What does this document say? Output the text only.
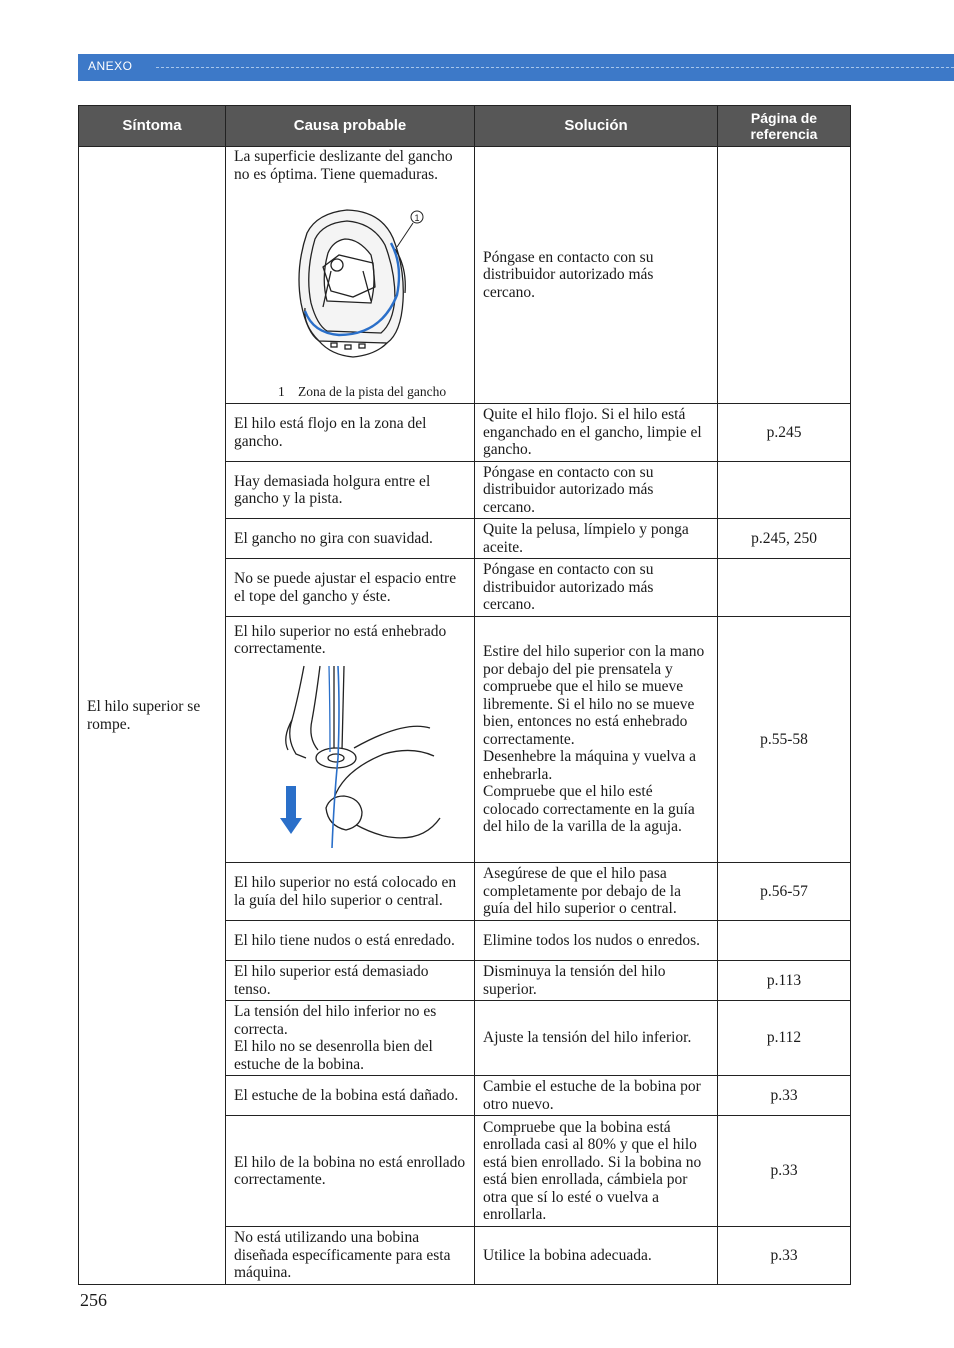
ANEXO
Síntoma	Causa probable	Solución	Página de referencia
El hilo superior se rompe.	La superficie deslizante del gancho no es óptima. Tiene quemaduras.
1
1 Zona de la pista del gancho	Póngase en contacto con su distribuidor autorizado más cercano.	
	El hilo está flojo en la zona del gancho.	Quite el hilo flojo. Si el hilo está enganchado en el gancho, limpie el gancho.	p.245
	Hay demasiada holgura entre el gancho y la pista.	Póngase en contacto con su distribuidor autorizado más cercano.	
	El gancho no gira con suavidad.	Quite la pelusa, límpielo y ponga aceite.	p.245, 250
	No se puede ajustar el espacio entre el tope del gancho y éste.	Póngase en contacto con su distribuidor autorizado más cercano.	

	El hilo superior no está enhebrado correctamente.	Estire del hilo superior con la mano por debajo del pie prensatela y compruebe que el hilo se mueve libremente. Si el hilo no se mueve bien, entonces no está enhebrado correctamente.
Desenhebre la máquina y vuelva a enhebrarla.
Compruebe que el hilo esté colocado correctamente en la guía del hilo de la varilla de la aguja.	p.55-58
	El hilo superior no está colocado en la guía del hilo superior o central.	Asegúrese de que el hilo pasa completamente por debajo de la guía del hilo superior o central.	p.56-57
	El hilo tiene nudos o está enredado.	Elimine todos los nudos o enredos.	
	El hilo superior está demasiado tenso.	Disminuya la tensión del hilo superior.	p.113
	La tensión del hilo inferior no es correcta.
El hilo no se desenrolla bien del estuche de la bobina.	Ajuste la tensión del hilo inferior.	p.112
	El estuche de la bobina está dañado.	Cambie el estuche de la bobina por otro nuevo.	p.33
	El hilo de la bobina no está enrollado correctamente.	Compruebe que la bobina está enrollada casi al 80% y que el hilo está bien enrollado. Si la bobina no está bien enrollada, cámbiela por otra que sí lo esté o vuelva a enrollarla.	p.33
	No está utilizando una bobina diseñada específicamente para esta máquina.	Utilice la bobina adecuada.	p.33
256
